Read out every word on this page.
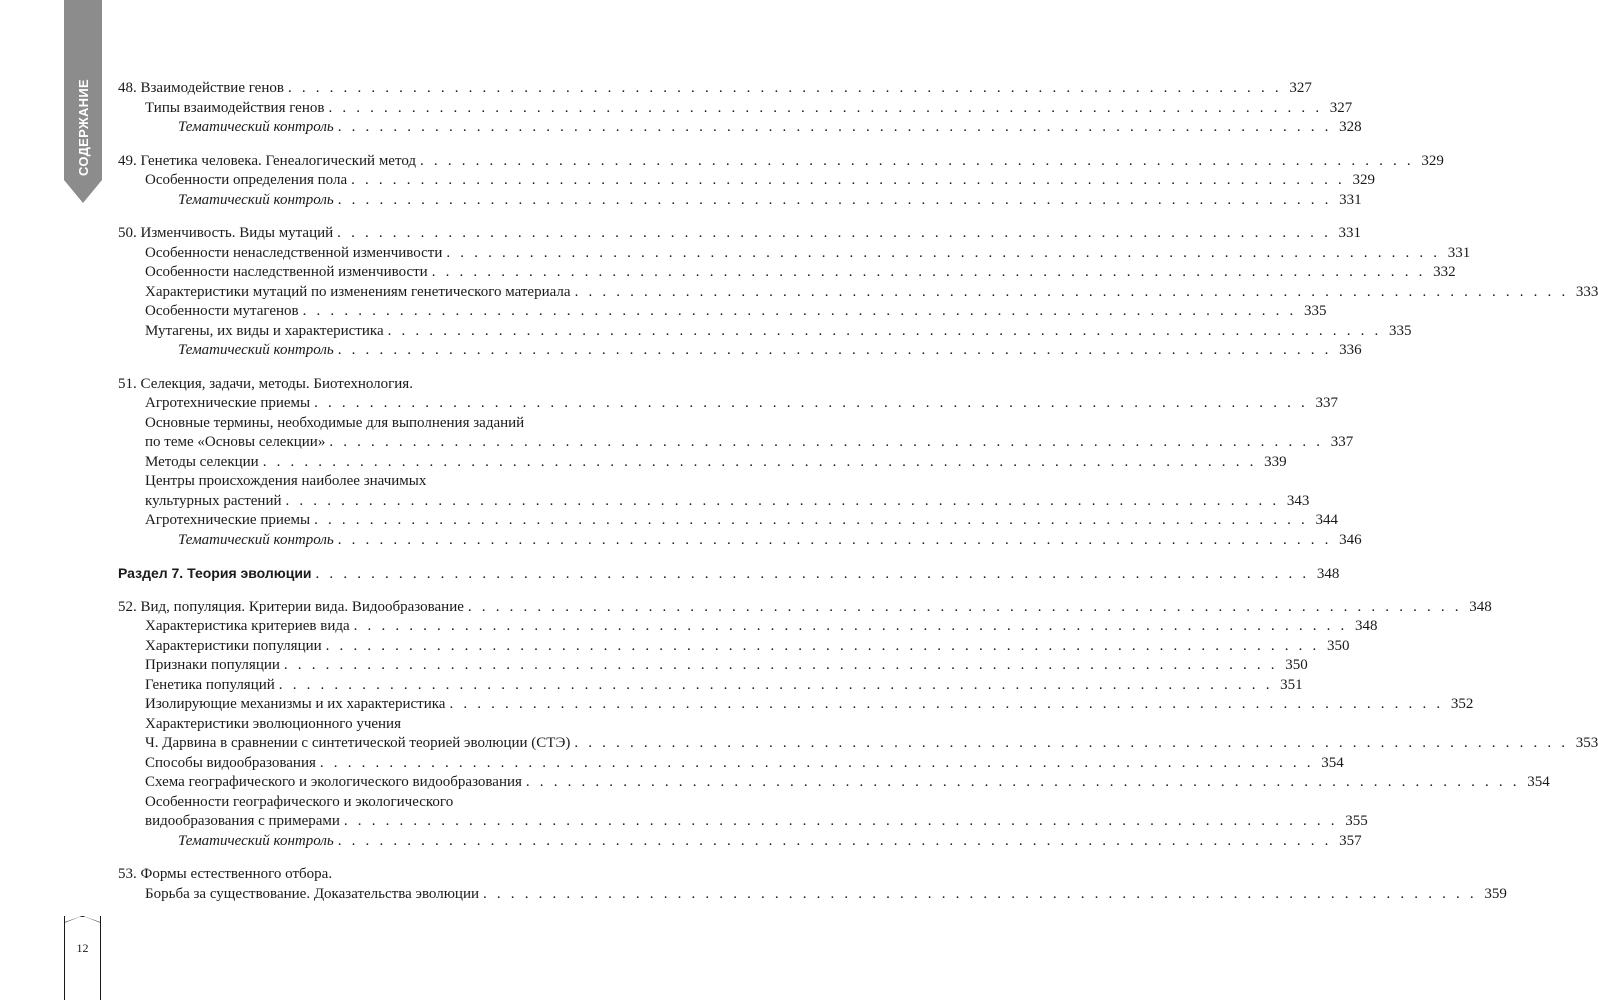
СОДЕРЖАНИЕ 48. Взаимодействие генов . . . . . . . . . . . . . . . . . . . . . . . . . . . . . . . . . . . . . . . . . . . . . . . . . . . . . . . . . . . . . . . . . . . . . . . . 327
Типы взаимодействия генов . . . . . . . . . . . . . . . . . . . . . . . . . . . . . . . . . . . . . . . . . . . . . . . . . . . . . . . . . . . . . . . . . . . . . . . . 327
Тематический контроль . . . . . . . . . . . . . . . . . . . . . . . . . . . . . . . . . . . . . . . . . . . . . . . . . . . . . . . . . . . . . . . . . . . . . . . . 328
49. Генетика человека. Генеалогический метод . . . . . . . . . . . . . . . . . . . . . . . . . . . . . . . . . . . . . . . . . . . . . . . . . . . . . . . . . . . . . . . . . . . . . . . . 329
Особенности определения пола . . . . . . . . . . . . . . . . . . . . . . . . . . . . . . . . . . . . . . . . . . . . . . . . . . . . . . . . . . . . . . . . . . . . . . . . 329
Тематический контроль . . . . . . . . . . . . . . . . . . . . . . . . . . . . . . . . . . . . . . . . . . . . . . . . . . . . . . . . . . . . . . . . . . . . . . . . 331
50. Изменчивость. Виды мутаций . . . . . . . . . . . . . . . . . . . . . . . . . . . . . . . . . . . . . . . . . . . . . . . . . . . . . . . . . . . . . . . . . . . . . . . . 331
Особенности ненаследственной изменчивости . . . . . . . . . . . . . . . . . . . . . . . . . . . . . . . . . . . . . . . . . . . . . . . . . . . . . . . . . . . . . . . . . . . . . . . . 331
Особенности наследственной изменчивости . . . . . . . . . . . . . . . . . . . . . . . . . . . . . . . . . . . . . . . . . . . . . . . . . . . . . . . . . . . . . . . . . . . . . . . . 332
Характеристики мутаций по изменениям генетического материала . . . . . . . . . . . . . . . . . . . . . . . . . . . . . . . . . . . . . . . . . . . . . . . . . . . . . . . . . . . . . . . . . . . . . . . . 333
Особенности мутагенов . . . . . . . . . . . . . . . . . . . . . . . . . . . . . . . . . . . . . . . . . . . . . . . . . . . . . . . . . . . . . . . . . . . . . . . . 335
Мутагены, их виды и характеристика . . . . . . . . . . . . . . . . . . . . . . . . . . . . . . . . . . . . . . . . . . . . . . . . . . . . . . . . . . . . . . . . . . . . . . . . 335
Тематический контроль . . . . . . . . . . . . . . . . . . . . . . . . . . . . . . . . . . . . . . . . . . . . . . . . . . . . . . . . . . . . . . . . . . . . . . . . 336
51. Селекция, задачи, методы. Биотехнология.
Агротехнические приемы . . . . . . . . . . . . . . . . . . . . . . . . . . . . . . . . . . . . . . . . . . . . . . . . . . . . . . . . . . . . . . . . . . . . . . . . 337
Основные термины, необходимые для выполнения заданий
по теме «Основы селекции» . . . . . . . . . . . . . . . . . . . . . . . . . . . . . . . . . . . . . . . . . . . . . . . . . . . . . . . . . . . . . . . . . . . . . . . . 337
Методы селекции . . . . . . . . . . . . . . . . . . . . . . . . . . . . . . . . . . . . . . . . . . . . . . . . . . . . . . . . . . . . . . . . . . . . . . . . 339
Центры происхождения наиболее значимых
культурных растений . . . . . . . . . . . . . . . . . . . . . . . . . . . . . . . . . . . . . . . . . . . . . . . . . . . . . . . . . . . . . . . . . . . . . . . . 343
Агротехнические приемы . . . . . . . . . . . . . . . . . . . . . . . . . . . . . . . . . . . . . . . . . . . . . . . . . . . . . . . . . . . . . . . . . . . . . . . . 344
Тематический контроль . . . . . . . . . . . . . . . . . . . . . . . . . . . . . . . . . . . . . . . . . . . . . . . . . . . . . . . . . . . . . . . . . . . . . . . . 346
Раздел 7. Теория эволюции . . . . . . . . . . . . . . . . . . . . . . . . . . . . . . . . . . . . . . . . . . . . . . . . . . . . . . . . . . . . . . . . . . . . . . . . 348
52. Вид, популяция. Критерии вида. Видообразование . . . . . . . . . . . . . . . . . . . . . . . . . . . . . . . . . . . . . . . . . . . . . . . . . . . . . . . . . . . . . . . . . . . . . . . . 348
Характеристика критериев вида . . . . . . . . . . . . . . . . . . . . . . . . . . . . . . . . . . . . . . . . . . . . . . . . . . . . . . . . . . . . . . . . . . . . . . . . 348
Характеристики популяции . . . . . . . . . . . . . . . . . . . . . . . . . . . . . . . . . . . . . . . . . . . . . . . . . . . . . . . . . . . . . . . . . . . . . . . . 350
Признаки популяции . . . . . . . . . . . . . . . . . . . . . . . . . . . . . . . . . . . . . . . . . . . . . . . . . . . . . . . . . . . . . . . . . . . . . . . . 350
Генетика популяций . . . . . . . . . . . . . . . . . . . . . . . . . . . . . . . . . . . . . . . . . . . . . . . . . . . . . . . . . . . . . . . . . . . . . . . . 351
Изолирующие механизмы и их характеристика . . . . . . . . . . . . . . . . . . . . . . . . . . . . . . . . . . . . . . . . . . . . . . . . . . . . . . . . . . . . . . . . . . . . . . . . 352
Характеристики эволюционного учения
Ч. Дарвина в сравнении с синтетической теорией эволюции (СТЭ) . . . . . . . . . . . . . . . . . . . . . . . . . . . . . . . . . . . . . . . . . . . . . . . . . . . . . . . . . . . . . . . . . . . . . . . . 353
Способы видообразования . . . . . . . . . . . . . . . . . . . . . . . . . . . . . . . . . . . . . . . . . . . . . . . . . . . . . . . . . . . . . . . . . . . . . . . . 354
Схема географического и экологического видообразования . . . . . . . . . . . . . . . . . . . . . . . . . . . . . . . . . . . . . . . . . . . . . . . . . . . . . . . . . . . . . . . . . . . . . . . . 354
Особенности географического и экологического
видообразования с примерами . . . . . . . . . . . . . . . . . . . . . . . . . . . . . . . . . . . . . . . . . . . . . . . . . . . . . . . . . . . . . . . . . . . . . . . . 355
Тематический контроль . . . . . . . . . . . . . . . . . . . . . . . . . . . . . . . . . . . . . . . . . . . . . . . . . . . . . . . . . . . . . . . . . . . . . . . . 357
53. Формы естественного отбора.
Борьба за существование. Доказательства эволюции . . . . . . . . . . . . . . . . . . . . . . . . . . . . . . . . . . . . . . . . . . . . . . . . . . . . . . . . . . . . . . . . . . . . . . . . 359
12
